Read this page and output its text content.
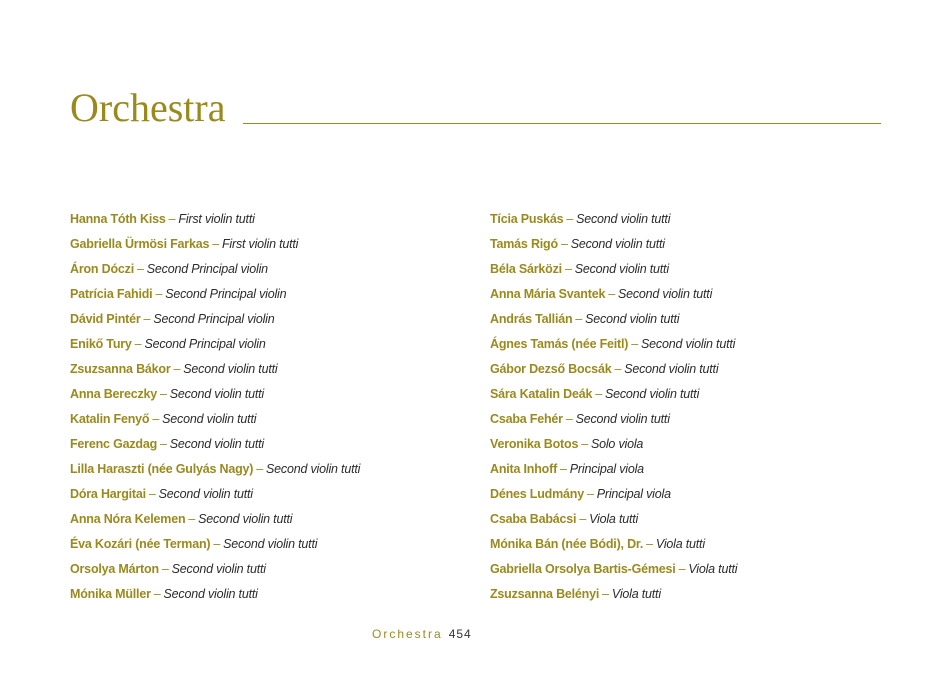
Orchestra
Hanna Tóth Kiss – First violin tutti
Gabriella Ürmösi Farkas – First violin tutti
Áron Dóczi – Second Principal violin
Patrícia Fahidi – Second Principal violin
Dávid Pintér – Second Principal violin
Enikő Tury – Second Principal violin
Zsuzsanna Bákor – Second violin tutti
Anna Bereczky – Second violin tutti
Katalin Fenyő – Second violin tutti
Ferenc Gazdag – Second violin tutti
Lilla Haraszti (née Gulyás Nagy) – Second violin tutti
Dóra Hargitai – Second violin tutti
Anna Nóra Kelemen – Second violin tutti
Éva Kozári (née Terman) – Second violin tutti
Orsolya Márton – Second violin tutti
Mónika Müller – Second violin tutti
Tícia Puskás – Second violin tutti
Tamás Rigó – Second violin tutti
Béla Sárközi – Second violin tutti
Anna Mária Svantek – Second violin tutti
András Tallián – Second violin tutti
Ágnes Tamás (née Feitl) – Second violin tutti
Gábor Dezső Bocsák – Second violin tutti
Sára Katalin Deák – Second violin tutti
Csaba Fehér – Second violin tutti
Veronika Botos – Solo viola
Anita Inhoff – Principal viola
Dénes Ludmány – Principal viola
Csaba Babácsi – Viola tutti
Mónika Bán (née Bódi), Dr. – Viola tutti
Gabriella Orsolya Bartis-Gémesi – Viola tutti
Zsuzsanna Belényi – Viola tutti
Orchestra 454
